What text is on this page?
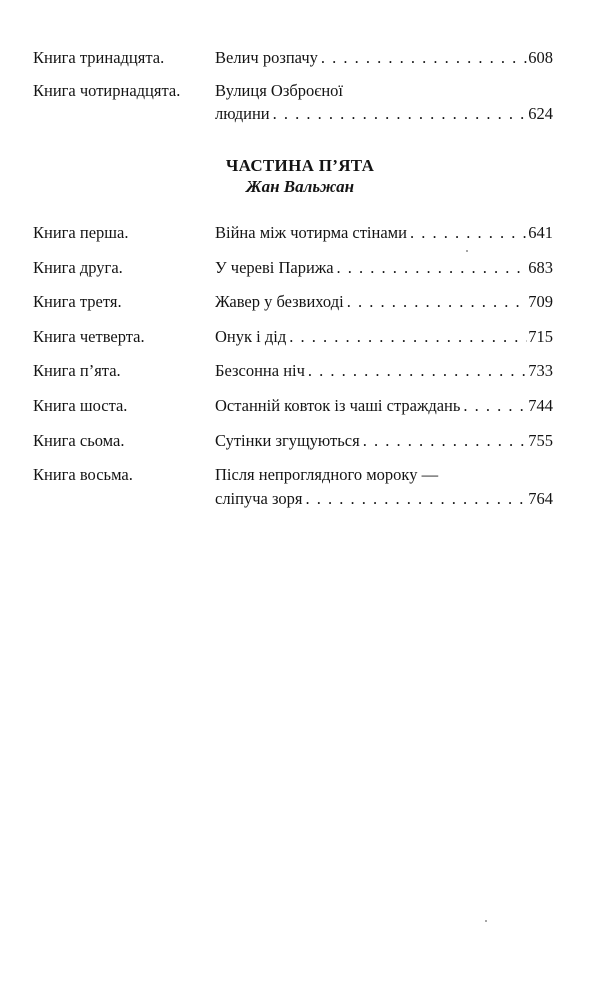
Книга тринадцята.	Велич розпачу . . .	608
Книга чотирнадцята.	Вулиця Озброєної
людини . . .	624
ЧАСТИНА П’ЯТА
Жан Вальжан
Книга перша.	Війна між чотирма стінами . . .	641
Книга друга.	У череві Парижа . . .	683
Книга третя.	Жавер у безвиході . . .	709
Книга четверта.	Онук і дід . . .	715
Книга п’ята.	Безсонна ніч . . .	733
Книга шоста.	Останній ковток із чаші страждань . . .	744
Книга сьома.	Сутінки згущуються . . .	755
Книга восьма.	Після непроглядного мороку —
сліпуча зоря . . .	764
